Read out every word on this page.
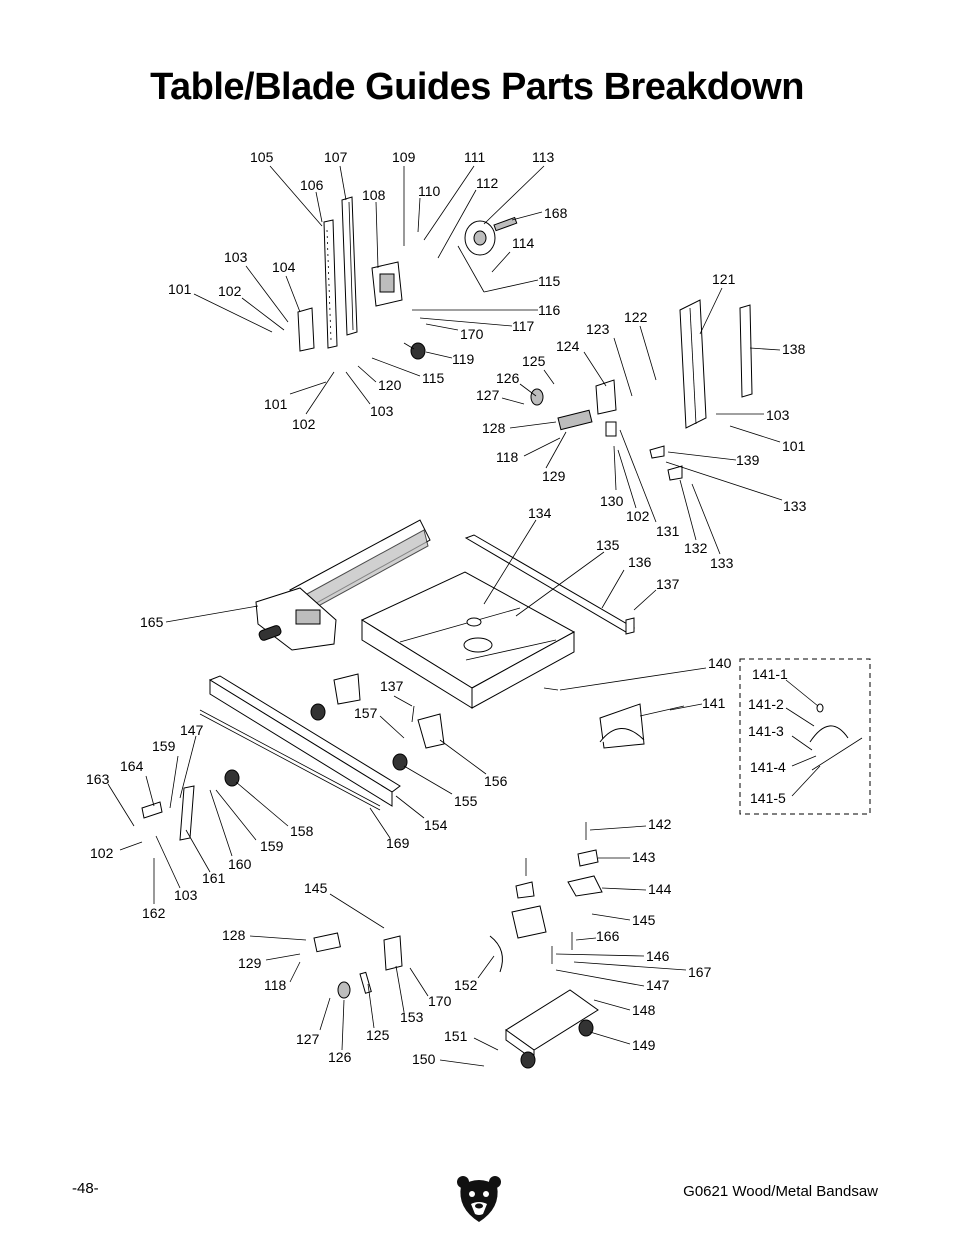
Table/Blade Guides Parts Breakdown
105	107	109	111	113
106
108 110	112
168
114
103
104
115	121
101 102
116
117
170
122
123
138
124
119	125
126
120 115
127
101	103	103
102	128
101
118	139
129
130
102
131
133
132
133
134
135
136
137
165
140
141-1
137
141 141-2
147
157
141-3
159
164
156
141-4
163
155	141-5
158	154
159	169
160
102
161
103
142
162
143
145	144
145
128	166
146
129
167
118	152	147
170
148
153
125
127	151
149
126	150
-48-	G0621 Wood/Metal Bandsaw
